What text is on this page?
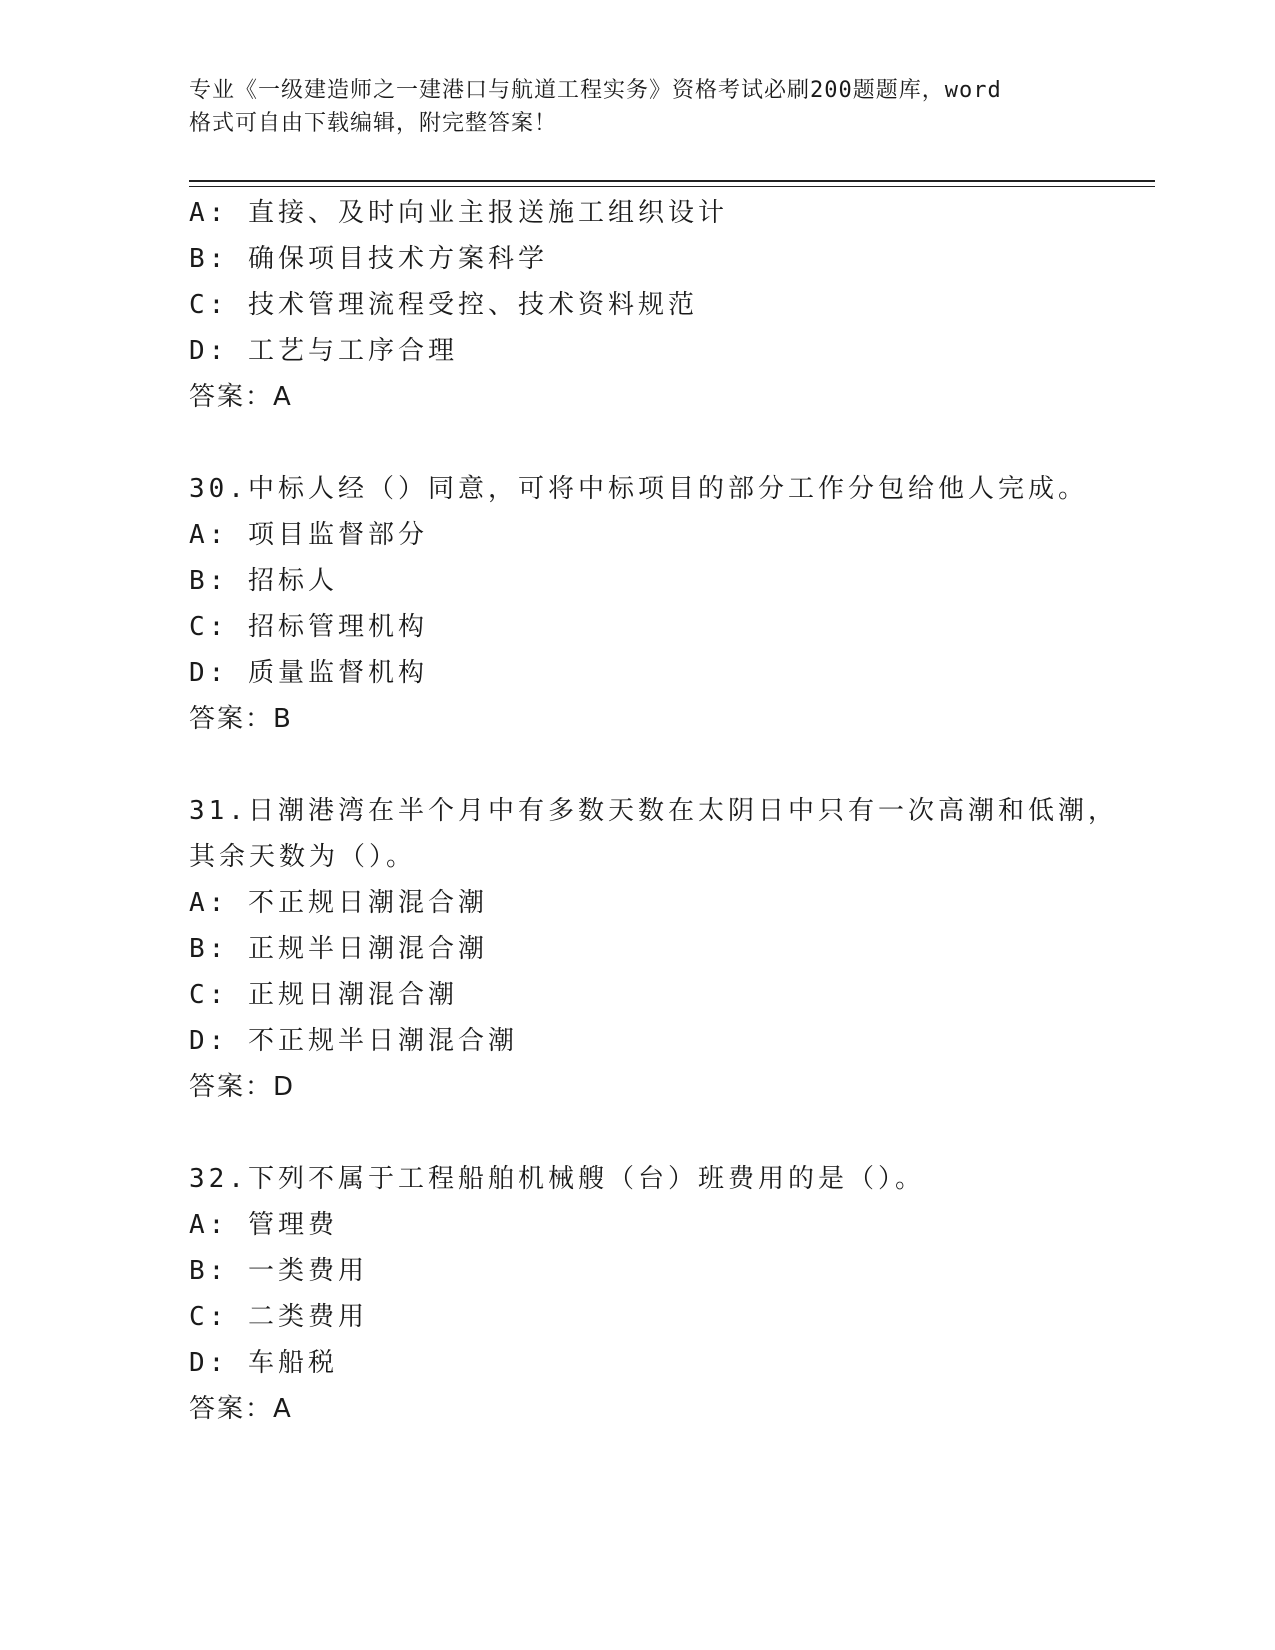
专业《一级建造师之一建港口与航道工程实务》资格考试必刷200题题库，word
格式可自由下载编辑，附完整答案！
A: 直接、及时向业主报送施工组织设计
B: 确保项目技术方案科学
C: 技术管理流程受控、技术资料规范
D: 工艺与工序合理
答案：A
30.中标人经（）同意，可将中标项目的部分工作分包给他人完成。
A: 项目监督部分
B: 招标人
C: 招标管理机构
D: 质量监督机构
答案：B
31.日潮港湾在半个月中有多数天数在太阴日中只有一次高潮和低潮，
其余天数为（）。
A: 不正规日潮混合潮
B: 正规半日潮混合潮
C: 正规日潮混合潮
D: 不正规半日潮混合潮
答案：D
32.下列不属于工程船舶机械艘（台）班费用的是（）。
A: 管理费
B: 一类费用
C: 二类费用
D: 车船税
答案：A
